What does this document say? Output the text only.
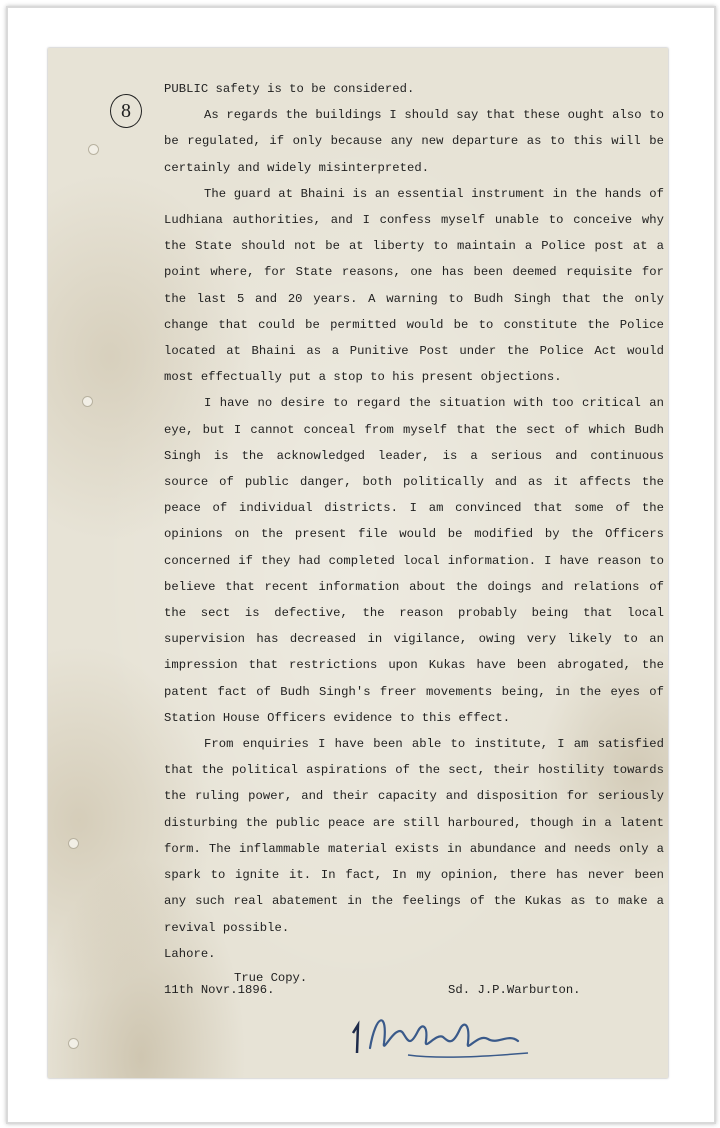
8

PUBLIC safety is to be considered.

As regards the buildings I should say that these ought also to be regulated, if only because any new departure as to this will be certainly and widely misinterpreted.

The guard at Bhaini is an essential instrument in the hands of Ludhiana authorities, and I confess myself unable to conceive why the State should not be at liberty to maintain a Police post at a point where, for State reasons, one has been deemed requisite for the last 5 and 20 years. A warning to Budh Singh that the only change that could be permitted would be to constitute the Police located at Bhaini as a Punitive Post under the Police Act would most effectually put a stop to his present objections.

I have no desire to regard the situation with too critical an eye, but I cannot conceal from myself that the sect of which Budh Singh is the acknowledged leader, is a serious and continuous source of public danger, both politically and as it affects the peace of individual districts. I am convinced that some of the opinions on the present file would be modified by the Officers concerned if they had completed local information. I have reason to believe that recent information about the doings and relations of the sect is defective, the reason probably being that local supervision has decreased in vigilance, owing very likely to an impression that restrictions upon Kukas have been abrogated, the patent fact of Budh Singh's freer movements being, in the eyes of Station House Officers evidence to this effect.

From enquiries I have been able to institute, I am satisfied that the political aspirations of the sect, their hostility towards the ruling power, and their capacity and disposition for seriously disturbing the public peace are still harboured, though in a latent form. The inflammable material exists in abundance and needs only a spark to ignite it. In fact, In my opinion, there has never been any such real abatement in the feelings of the Kukas as to make a revival possible.

Lahore.

11th Novr.1896.	Sd. J.P.Warburton.
True Copy.
